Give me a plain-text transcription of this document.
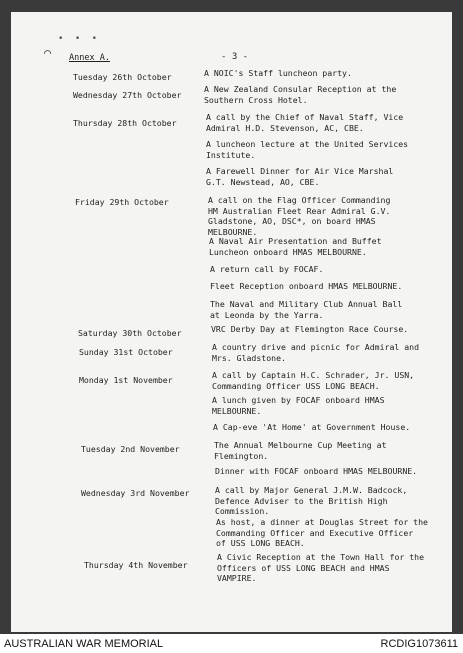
• • •
◠ Annex A.	- 3 -
Tuesday 26th October
Wednesday 27th October
Thursday 28th October
Friday 29th October
Saturday 30th October
Sunday 31st October
Monday 1st November
Tuesday 2nd November
Wednesday 3rd November
Thursday 4th November
A NOIC's Staff luncheon party.
A New Zealand Consular Reception at the
Southern Cross Hotel.
A call by the Chief of Naval Staff, Vice
Admiral H.D. Stevenson, AC, CBE.
A luncheon lecture at the United Services
Institute.
A Farewell Dinner for Air Vice Marshal
G.T. Newstead, AO, CBE.
A call on the Flag Officer Commanding
HM Australian Fleet Rear Admiral G.V.
Gladstone, AO, DSC*, on board HMAS
MELBOURNE.
A Naval Air Presentation and Buffet
Luncheon onboard HMAS MELBOURNE.
A return call by FOCAF.
Fleet Reception onboard HMAS MELBOURNE.
The Naval and Military Club Annual Ball
at Leonda by the Yarra.
VRC Derby Day at Flemington Race Course.
A country drive and picnic for Admiral and
Mrs. Gladstone.
A call by Captain H.C. Schrader, Jr. USN,
Commanding Officer USS LONG BEACH.
A lunch given by FOCAF onboard HMAS
MELBOURNE.
A Cap-eve 'At Home' at Government House.
The Annual Melbourne Cup Meeting at
Flemington.
Dinner with FOCAF onboard HMAS MELBOURNE.
A call by Major General J.M.W. Badcock,
Defence Adviser to the British High
Commission.
As host, a dinner at Douglas Street for the
Commanding Officer and Executive Officer
of USS LONG BEACH.
A Civic Reception at the Town Hall for the
Officers of USS LONG BEACH and HMAS
VAMPIRE.
AUSTRALIAN WAR MEMORIAL	RCDIG1073611
